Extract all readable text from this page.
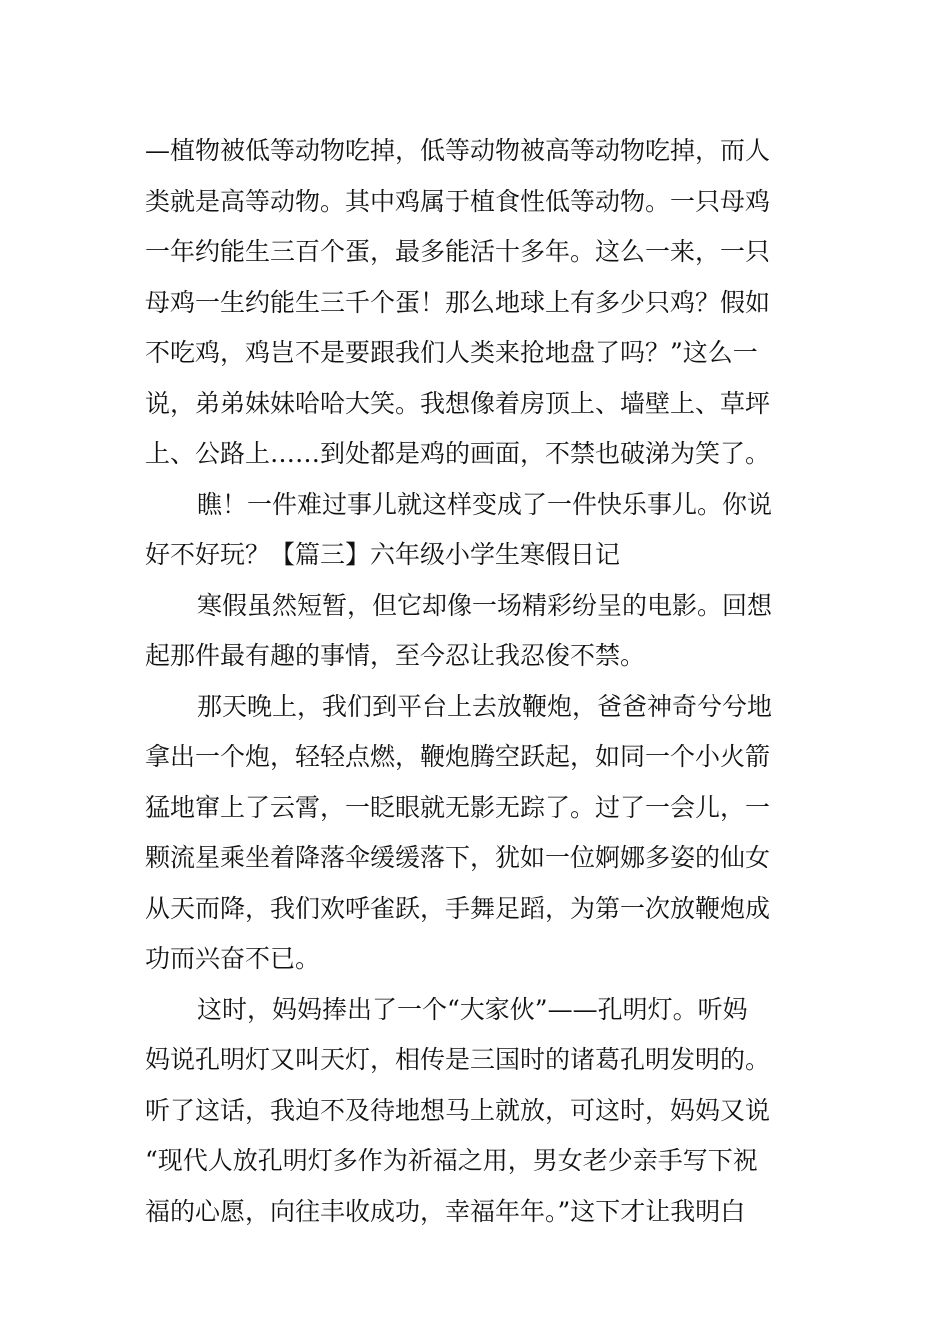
—植物被低等动物吃掉，低等动物被高等动物吃掉，而人
类就是高等动物。其中鸡属于植食性低等动物。一只母鸡
一年约能生三百个蛋，最多能活十多年。这么一来，一只
母鸡一生约能生三千个蛋！那么地球上有多少只鸡？假如
不吃鸡，鸡岂不是要跟我们人类来抢地盘了吗？”这么一
说，弟弟妹妹哈哈大笑。我想像着房顶上、墙壁上、草坪
上、公路上……到处都是鸡的画面，不禁也破涕为笑了。
瞧！一件难过事儿就这样变成了一件快乐事儿。你说
好不好玩？【篇三】六年级小学生寒假日记
寒假虽然短暂，但它却像一场精彩纷呈的电影。回想
起那件最有趣的事情，至今忍让我忍俊不禁。
那天晚上，我们到平台上去放鞭炮，爸爸神奇兮兮地
拿出一个炮，轻轻点燃，鞭炮腾空跃起，如同一个小火箭
猛地窜上了云霄，一眨眼就无影无踪了。过了一会儿，一
颗流星乘坐着降落伞缓缓落下，犹如一位婀娜多姿的仙女
从天而降，我们欢呼雀跃，手舞足蹈，为第一次放鞭炮成
功而兴奋不已。
这时，妈妈捧出了一个“大家伙”——孔明灯。听妈
妈说孔明灯又叫天灯，相传是三国时的诸葛孔明发明的。
听了这话，我迫不及待地想马上就放，可这时，妈妈又说
“现代人放孔明灯多作为祈福之用，男女老少亲手写下祝
福的心愿，向往丰收成功，幸福年年。”这下才让我明白
